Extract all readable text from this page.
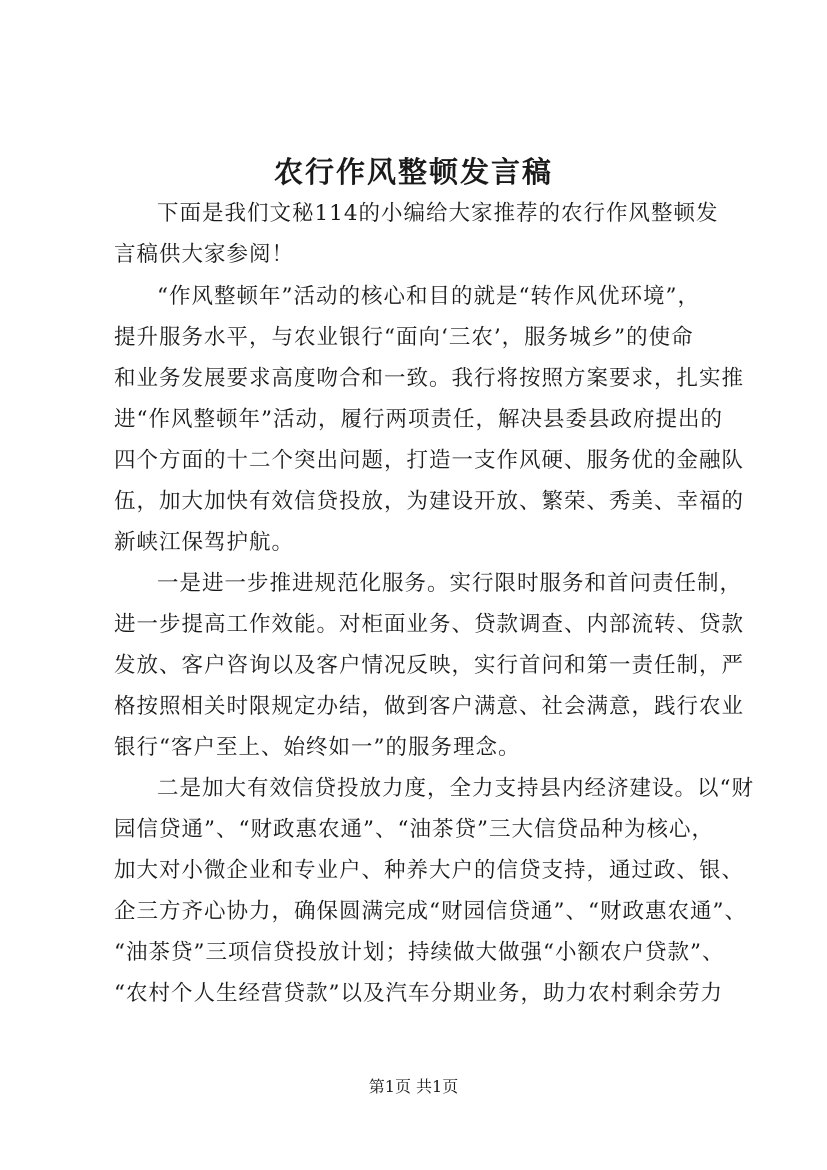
农行作风整顿发言稿
下面是我们文秘114的小编给大家推荐的农行作风整顿发
言稿供大家参阅！
“作风整顿年”活动的核心和目的就是“转作风优环境”，
提升服务水平，与农业银行“面向‘三农’，服务城乡”的使命
和业务发展要求高度吻合和一致。我行将按照方案要求，扎实推
进“作风整顿年”活动，履行两项责任，解决县委县政府提出的
四个方面的十二个突出问题，打造一支作风硬、服务优的金融队
伍，加大加快有效信贷投放，为建设开放、繁荣、秀美、幸福的
新峡江保驾护航。
一是进一步推进规范化服务。实行限时服务和首问责任制，
进一步提高工作效能。对柜面业务、贷款调查、内部流转、贷款
发放、客户咨询以及客户情况反映，实行首问和第一责任制，严
格按照相关时限规定办结，做到客户满意、社会满意，践行农业
银行“客户至上、始终如一”的服务理念。
二是加大有效信贷投放力度，全力支持县内经济建设。以“财
园信贷通”、“财政惠农通”、“油茶贷”三大信贷品种为核心，
加大对小微企业和专业户、种养大户的信贷支持，通过政、银、
企三方齐心协力，确保圆满完成“财园信贷通”、“财政惠农通”、
“油茶贷”三项信贷投放计划；持续做大做强“小额农户贷款”、
“农村个人生经营贷款”以及汽车分期业务，助力农村剩余劳力
第1页 共1页
